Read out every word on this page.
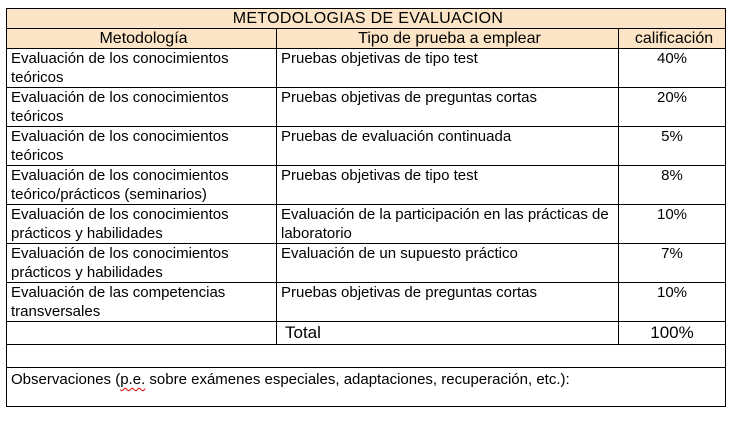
METODOLOGIAS DE EVALUACION		
Metodología	Tipo de prueba a emplear	calificación
Evaluación de los conocimientos teóricos	Pruebas objetivas de tipo test	40%
Evaluación de los conocimientos teóricos	Pruebas objetivas de preguntas cortas	20%
Evaluación de los conocimientos teóricos	Pruebas de evaluación continuada	5%
Evaluación de los conocimientos teórico/prácticos (seminarios)	Pruebas objetivas de tipo test	8%
Evaluación de los conocimientos prácticos y habilidades	Evaluación de la participación en las prácticas de laboratorio	10%
Evaluación de los conocimientos prácticos y habilidades	Evaluación de un supuesto práctico	7%
Evaluación de las competencias transversales	Pruebas objetivas de preguntas cortas	10%
	Total	100%

Observaciones (p.e. sobre exámenes especiales, adaptaciones, recuperación, etc.):		
